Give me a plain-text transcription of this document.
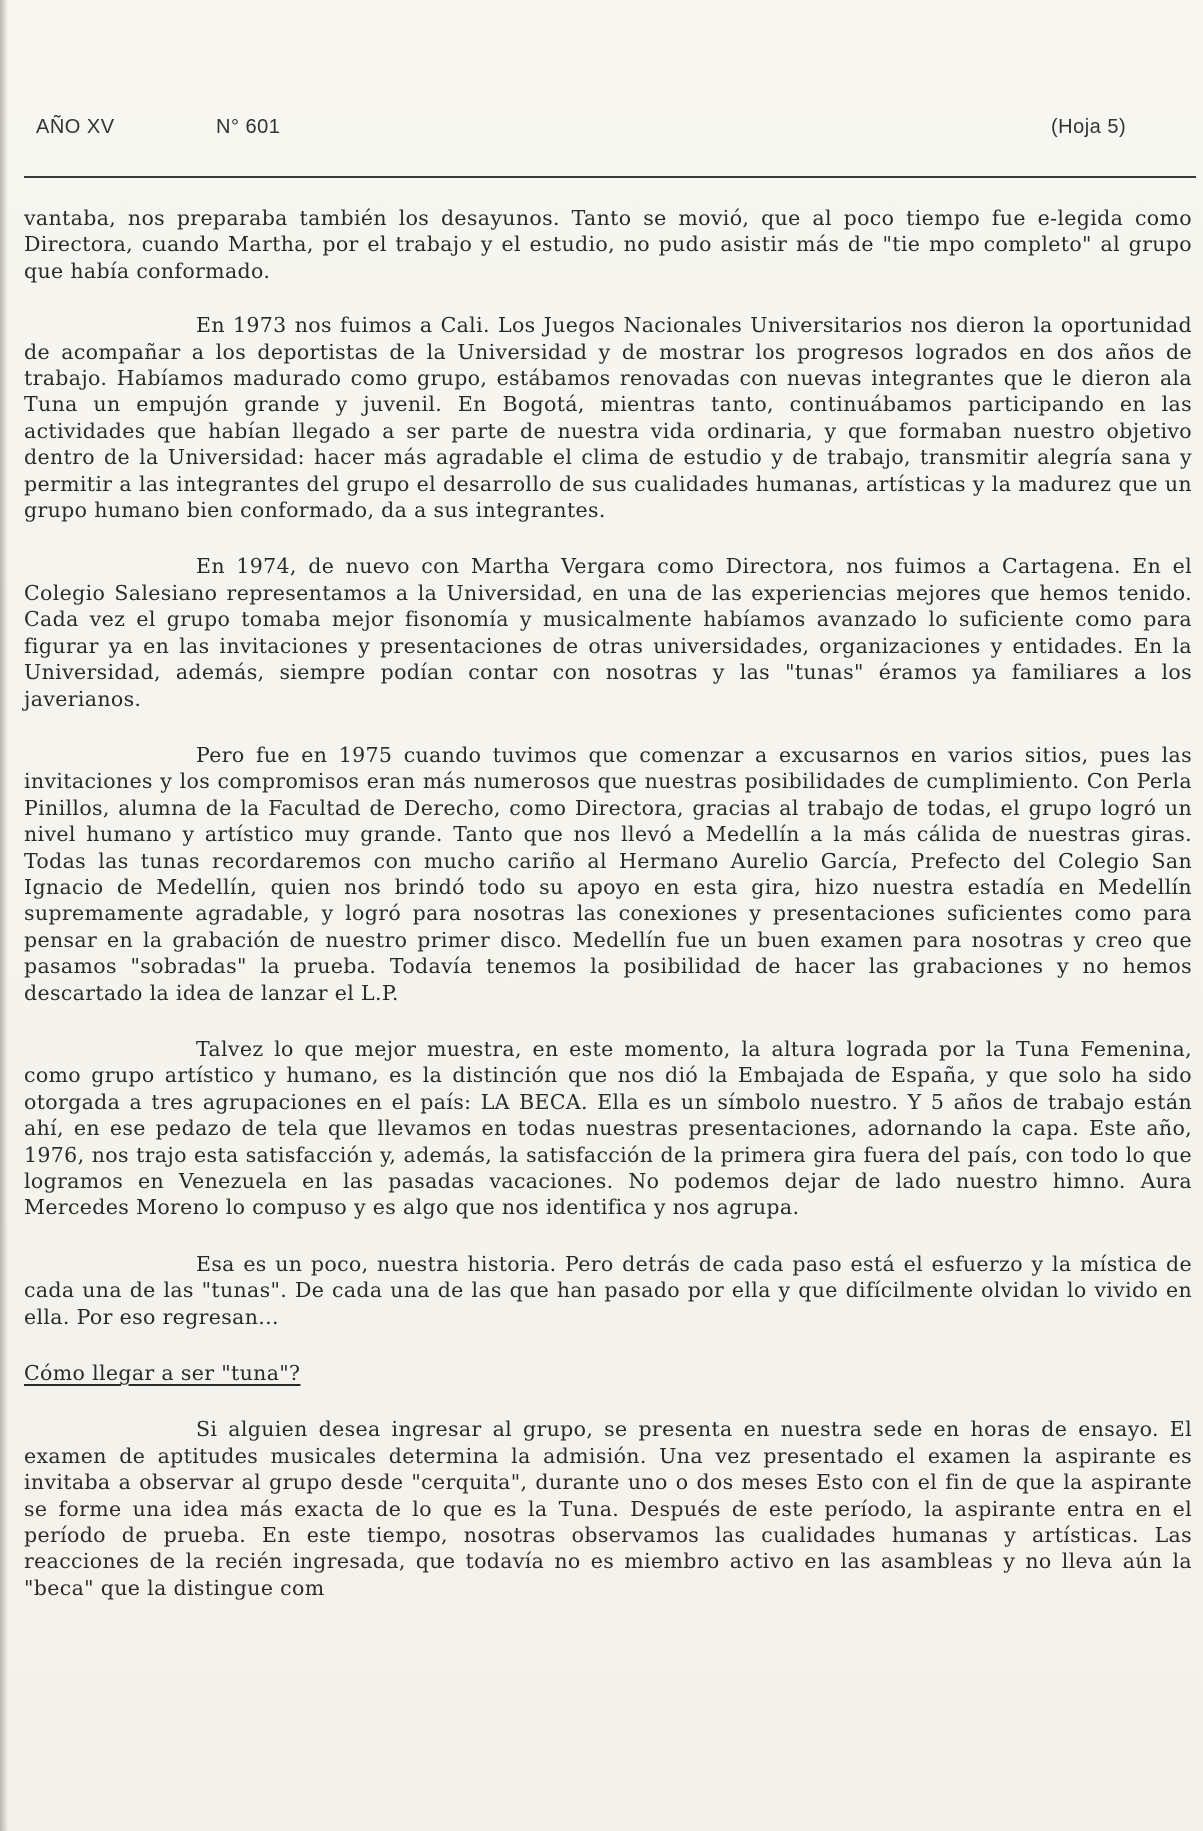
AÑO XV	N° 601	(Hoja 5)

vantaba, nos preparaba también los desayunos. Tanto se movió, que al poco tiempo fue e-legida como Directora, cuando Martha, por el trabajo y el estudio, no pudo asistir más de "tie mpo completo" al grupo que había conformado.

En 1973 nos fuimos a Cali. Los Juegos Nacionales Universitarios nos dieron la oportunidad de acompañar a los deportistas de la Universidad y de mostrar los progresos logrados en dos años de trabajo. Habíamos madurado como grupo, estábamos renovadas con nuevas integrantes que le dieron ala Tuna un empujón grande y juvenil. En Bogotá, mientras tanto, continuábamos participando en las actividades que habían llegado a ser parte de nuestra vida ordinaria, y que formaban nuestro objetivo dentro de la Universidad: hacer más agradable el clima de estudio y de trabajo, transmitir alegría sana y permitir a las integrantes del grupo el desarrollo de sus cualidades humanas, artísticas y la madurez que un grupo humano bien conformado, da a sus integrantes.

En 1974, de nuevo con Martha Vergara como Directora, nos fuimos a Cartagena. En el Colegio Salesiano representamos a la Universidad, en una de las experiencias mejores que hemos tenido. Cada vez el grupo tomaba mejor fisonomía y musicalmente habíamos avanzado lo suficiente como para figurar ya en las invitaciones y presentaciones de otras universidades, organizaciones y entidades. En la Universidad, además, siempre podían contar con nosotras y las "tunas" éramos ya familiares a los javerianos.

Pero fue en 1975 cuando tuvimos que comenzar a excusarnos en varios sitios, pues las invitaciones y los compromisos eran más numerosos que nuestras posibilidades de cumplimiento. Con Perla Pinillos, alumna de la Facultad de Derecho, como Directora, gracias al trabajo de todas, el grupo logró un nivel humano y artístico muy grande. Tanto que nos llevó a Medellín a la más cálida de nuestras giras. Todas las tunas recordaremos con mucho cariño al Hermano Aurelio García, Prefecto del Colegio San Ignacio de Medellín, quien nos brindó todo su apoyo en esta gira, hizo nuestra estadía en Medellín supremamente agradable, y logró para nosotras las conexiones y presentaciones suficientes como para pensar en la grabación de nuestro primer disco. Medellín fue un buen examen para nosotras y creo que pasamos "sobradas" la prueba. Todavía tenemos la posibilidad de hacer las grabaciones y no hemos descartado la idea de lanzar el L.P.

Talvez lo que mejor muestra, en este momento, la altura lograda por la Tuna Femenina, como grupo artístico y humano, es la distinción que nos dió la Embajada de España, y que solo ha sido otorgada a tres agrupaciones en el país: LA BECA. Ella es un símbolo nuestro. Y 5 años de trabajo están ahí, en ese pedazo de tela que llevamos en todas nuestras presentaciones, adornando la capa. Este año, 1976, nos trajo esta satisfacción y, además, la satisfacción de la primera gira fuera del país, con todo lo que logramos en Venezuela en las pasadas vacaciones. No podemos dejar de lado nuestro himno. Aura Mercedes Moreno lo compuso y es algo que nos identifica y nos agrupa.

Esa es un poco, nuestra historia. Pero detrás de cada paso está el esfuerzo y la mística de cada una de las "tunas". De cada una de las que han pasado por ella y que difícilmente olvidan lo vivido en ella. Por eso regresan...

Cómo llegar a ser "tuna"?

Si alguien desea ingresar al grupo, se presenta en nuestra sede en horas de ensayo. El examen de aptitudes musicales determina la admisión. Una vez presentado el examen la aspirante es invitaba a observar al grupo desde "cerquita", durante uno o dos meses Esto con el fin de que la aspirante se forme una idea más exacta de lo que es la Tuna. Después de este período, la aspirante entra en el período de prueba. En este tiempo, nosotras observamos las cualidades humanas y artísticas. Las reacciones de la recién ingresada, que todavía no es miembro activo en las asambleas y no lleva aún la "beca" que la distingue com
